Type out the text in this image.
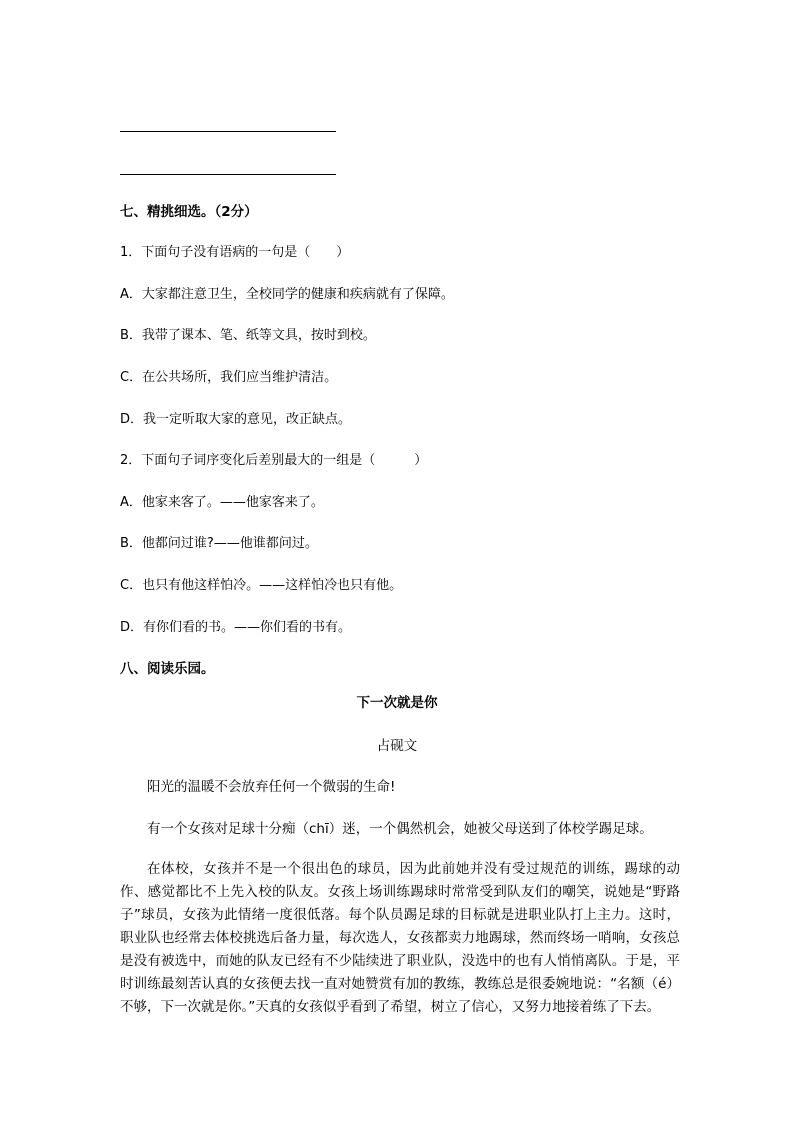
七、精挑细选。（2分）
1．下面句子没有语病的一句是（　　）
A．大家都注意卫生，全校同学的健康和疾病就有了保障。
B．我带了课本、笔、纸等文具，按时到校。
C．在公共场所，我们应当维护清洁。
D．我一定听取大家的意见，改正缺点。
2．下面句子词序变化后差别最大的一组是（　　　）
A．他家来客了。——他家客来了。
B．他都问过谁?——他谁都问过。
C．也只有他这样怕冷。——这样怕冷也只有他。
D．有你们看的书。——你们看的书有。
八、阅读乐园。
下一次就是你
占砚文
阳光的温暖不会放弃任何一个微弱的生命!
有一个女孩对足球十分痴（chī）迷，一个偶然机会，她被父母送到了体校学踢足球。
在体校，女孩并不是一个很出色的球员，因为此前她并没有受过规范的训练，踢球的动作、感觉都比不上先入校的队友。女孩上场训练踢球时常常受到队友们的嘲笑，说她是“野路子”球员，女孩为此情绪一度很低落。每个队员踢足球的目标就是进职业队打上主力。这时，职业队也经常去体校挑选后备力量，每次选人，女孩都卖力地踢球，然而终场一哨响，女孩总是没有被选中，而她的队友已经有不少陆续进了职业队，没选中的也有人悄悄离队。于是，平时训练最刻苦认真的女孩便去找一直对她赞赏有加的教练，教练总是很委婉地说：“名额（é）不够，下一次就是你。”天真的女孩似乎看到了希望，树立了信心，又努力地接着练了下去。
